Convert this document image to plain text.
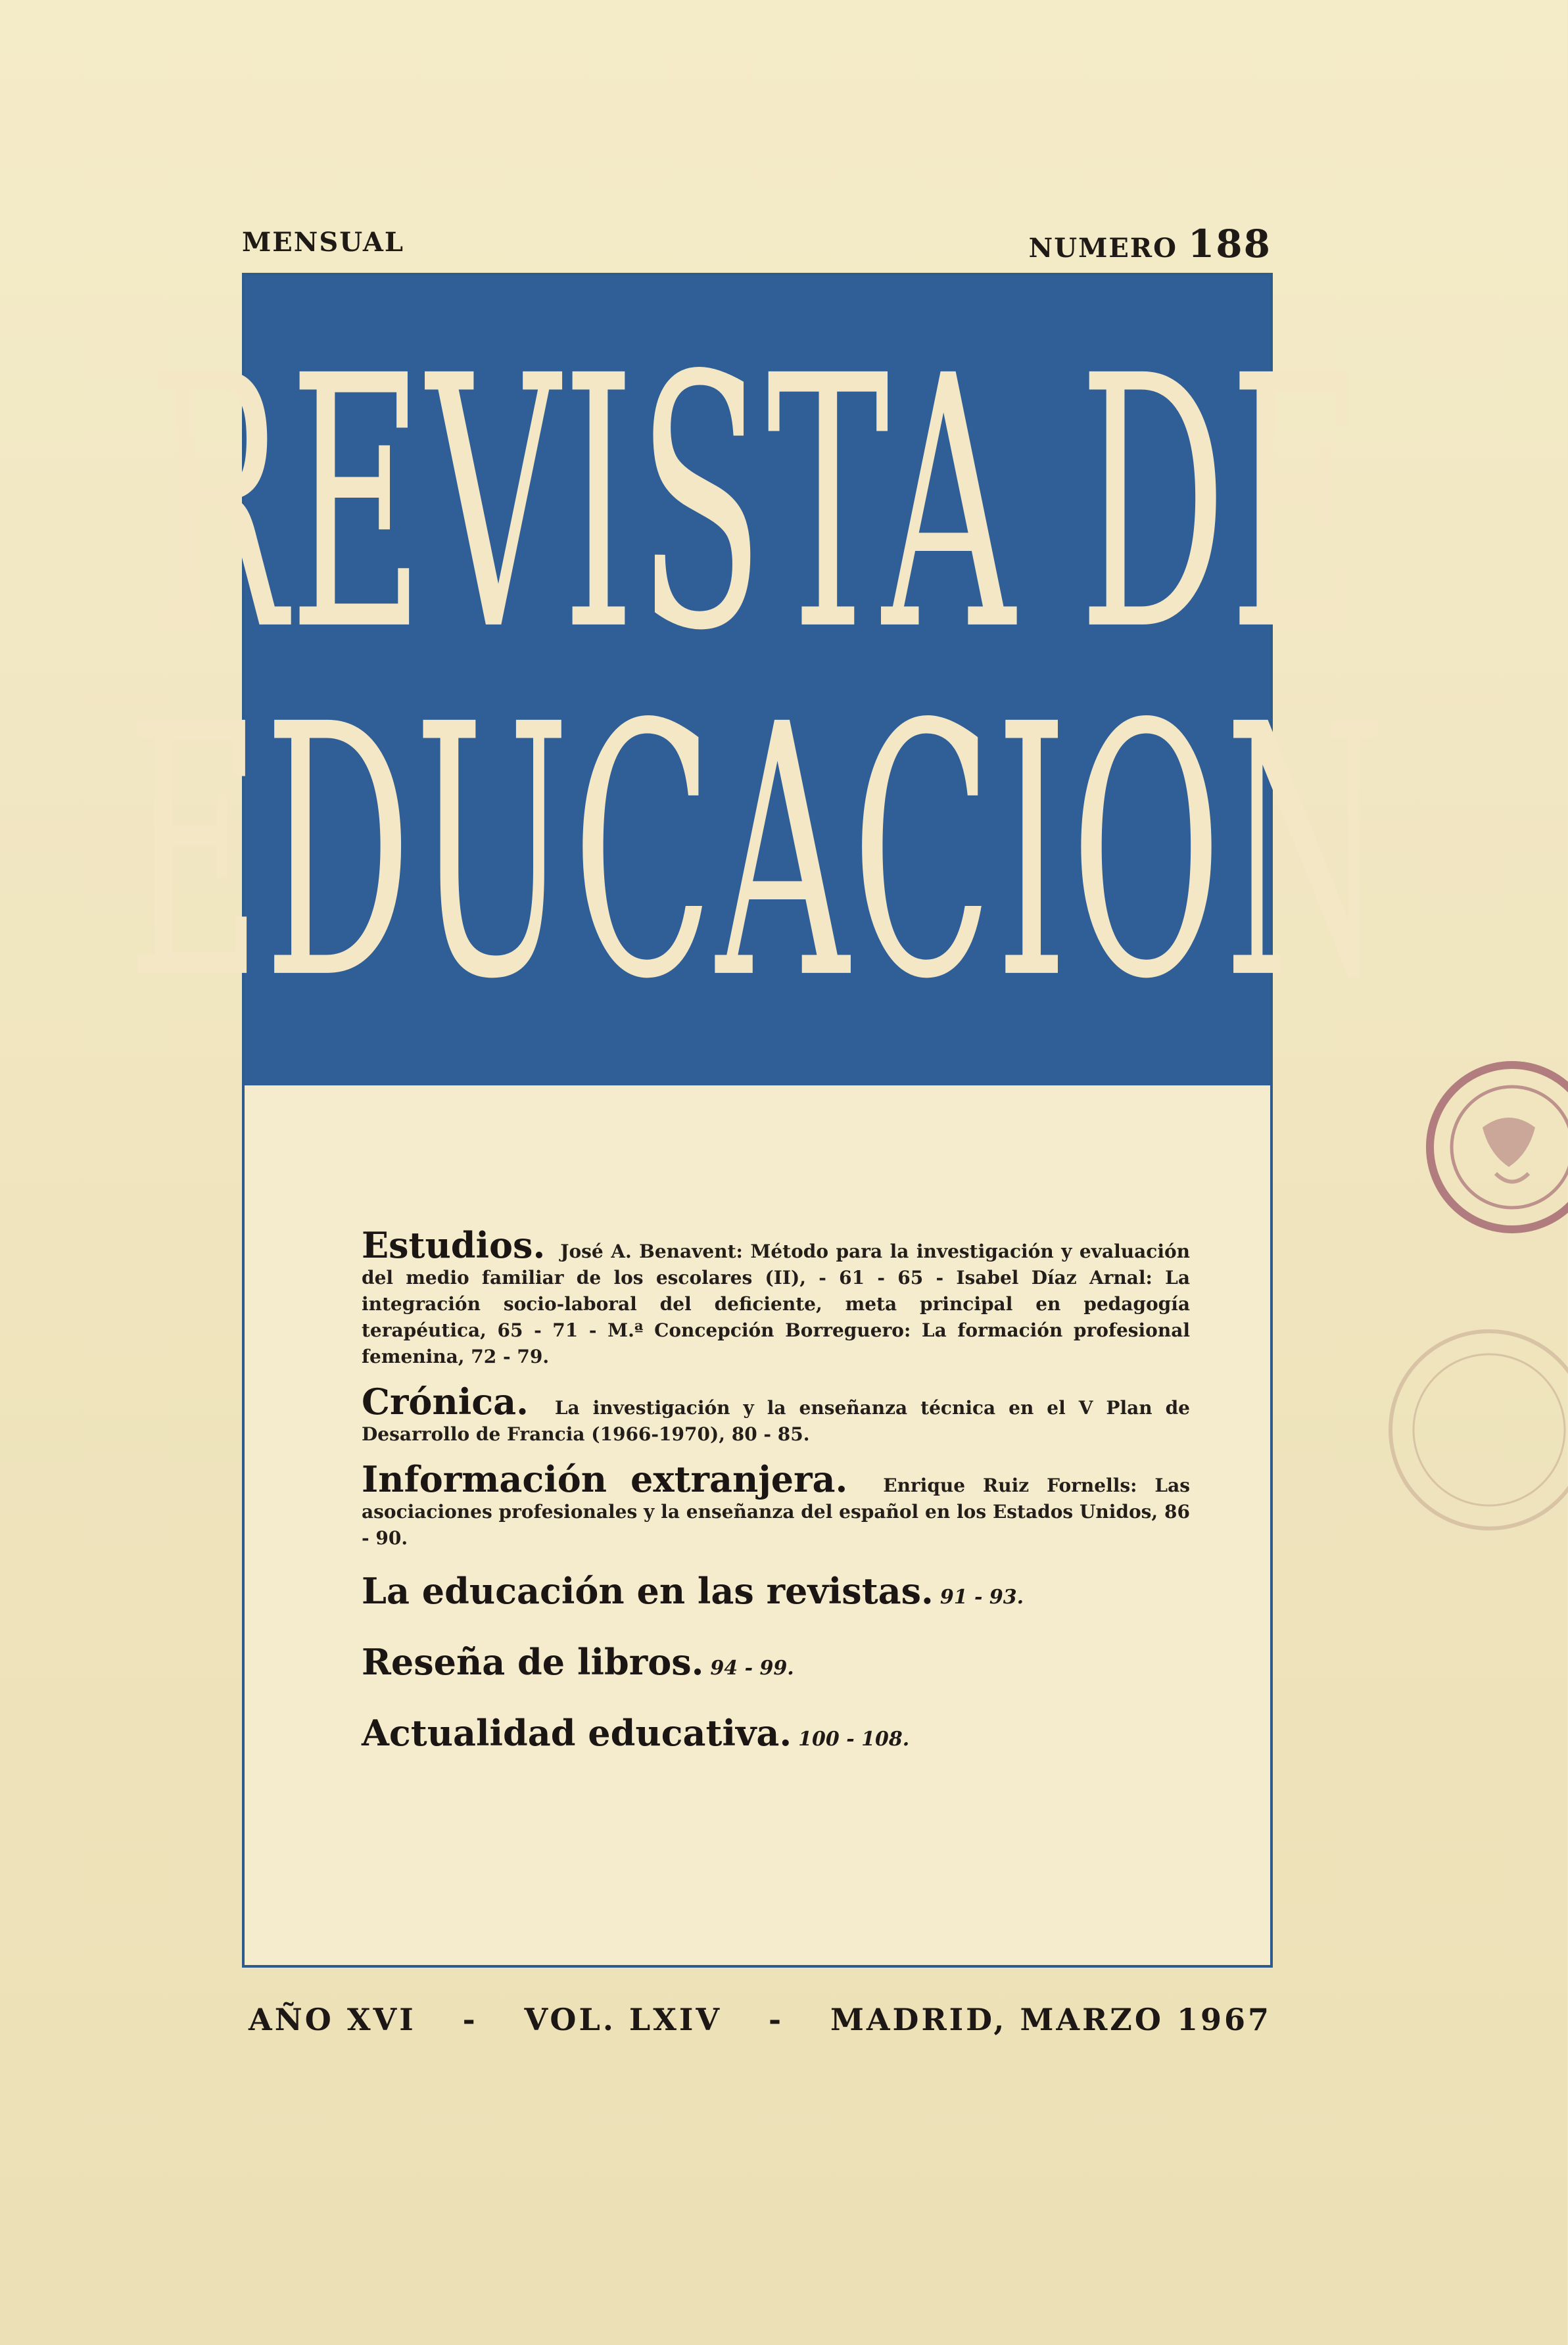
MENSUAL	NUMERO 188
REVISTA DE
EDUCACION
Estudios. José A. Benavent: Método para la investigación y evaluación del medio familiar de los escolares (II), - 61 - 65 - Isabel Díaz Arnal: La integración socio-laboral del deficiente, meta principal en pedagogía terapéutica, 65 - 71 - M.ª Concepción Borreguero: La formación profesional femenina, 72 - 79.
Crónica. La investigación y la enseñanza técnica en el V Plan de Desarrollo de Francia (1966-1970), 80 - 85.
Información extranjera. Enrique Ruiz Fornells: Las asociaciones profesionales y la enseñanza del español en los Estados Unidos, 86 - 90.
La educación en las revistas. 91 - 93.
Reseña de libros. 94 - 99.
Actualidad educativa. 100 - 108.
AÑO XVI - VOL. LXIV - MADRID, MARZO 1967
